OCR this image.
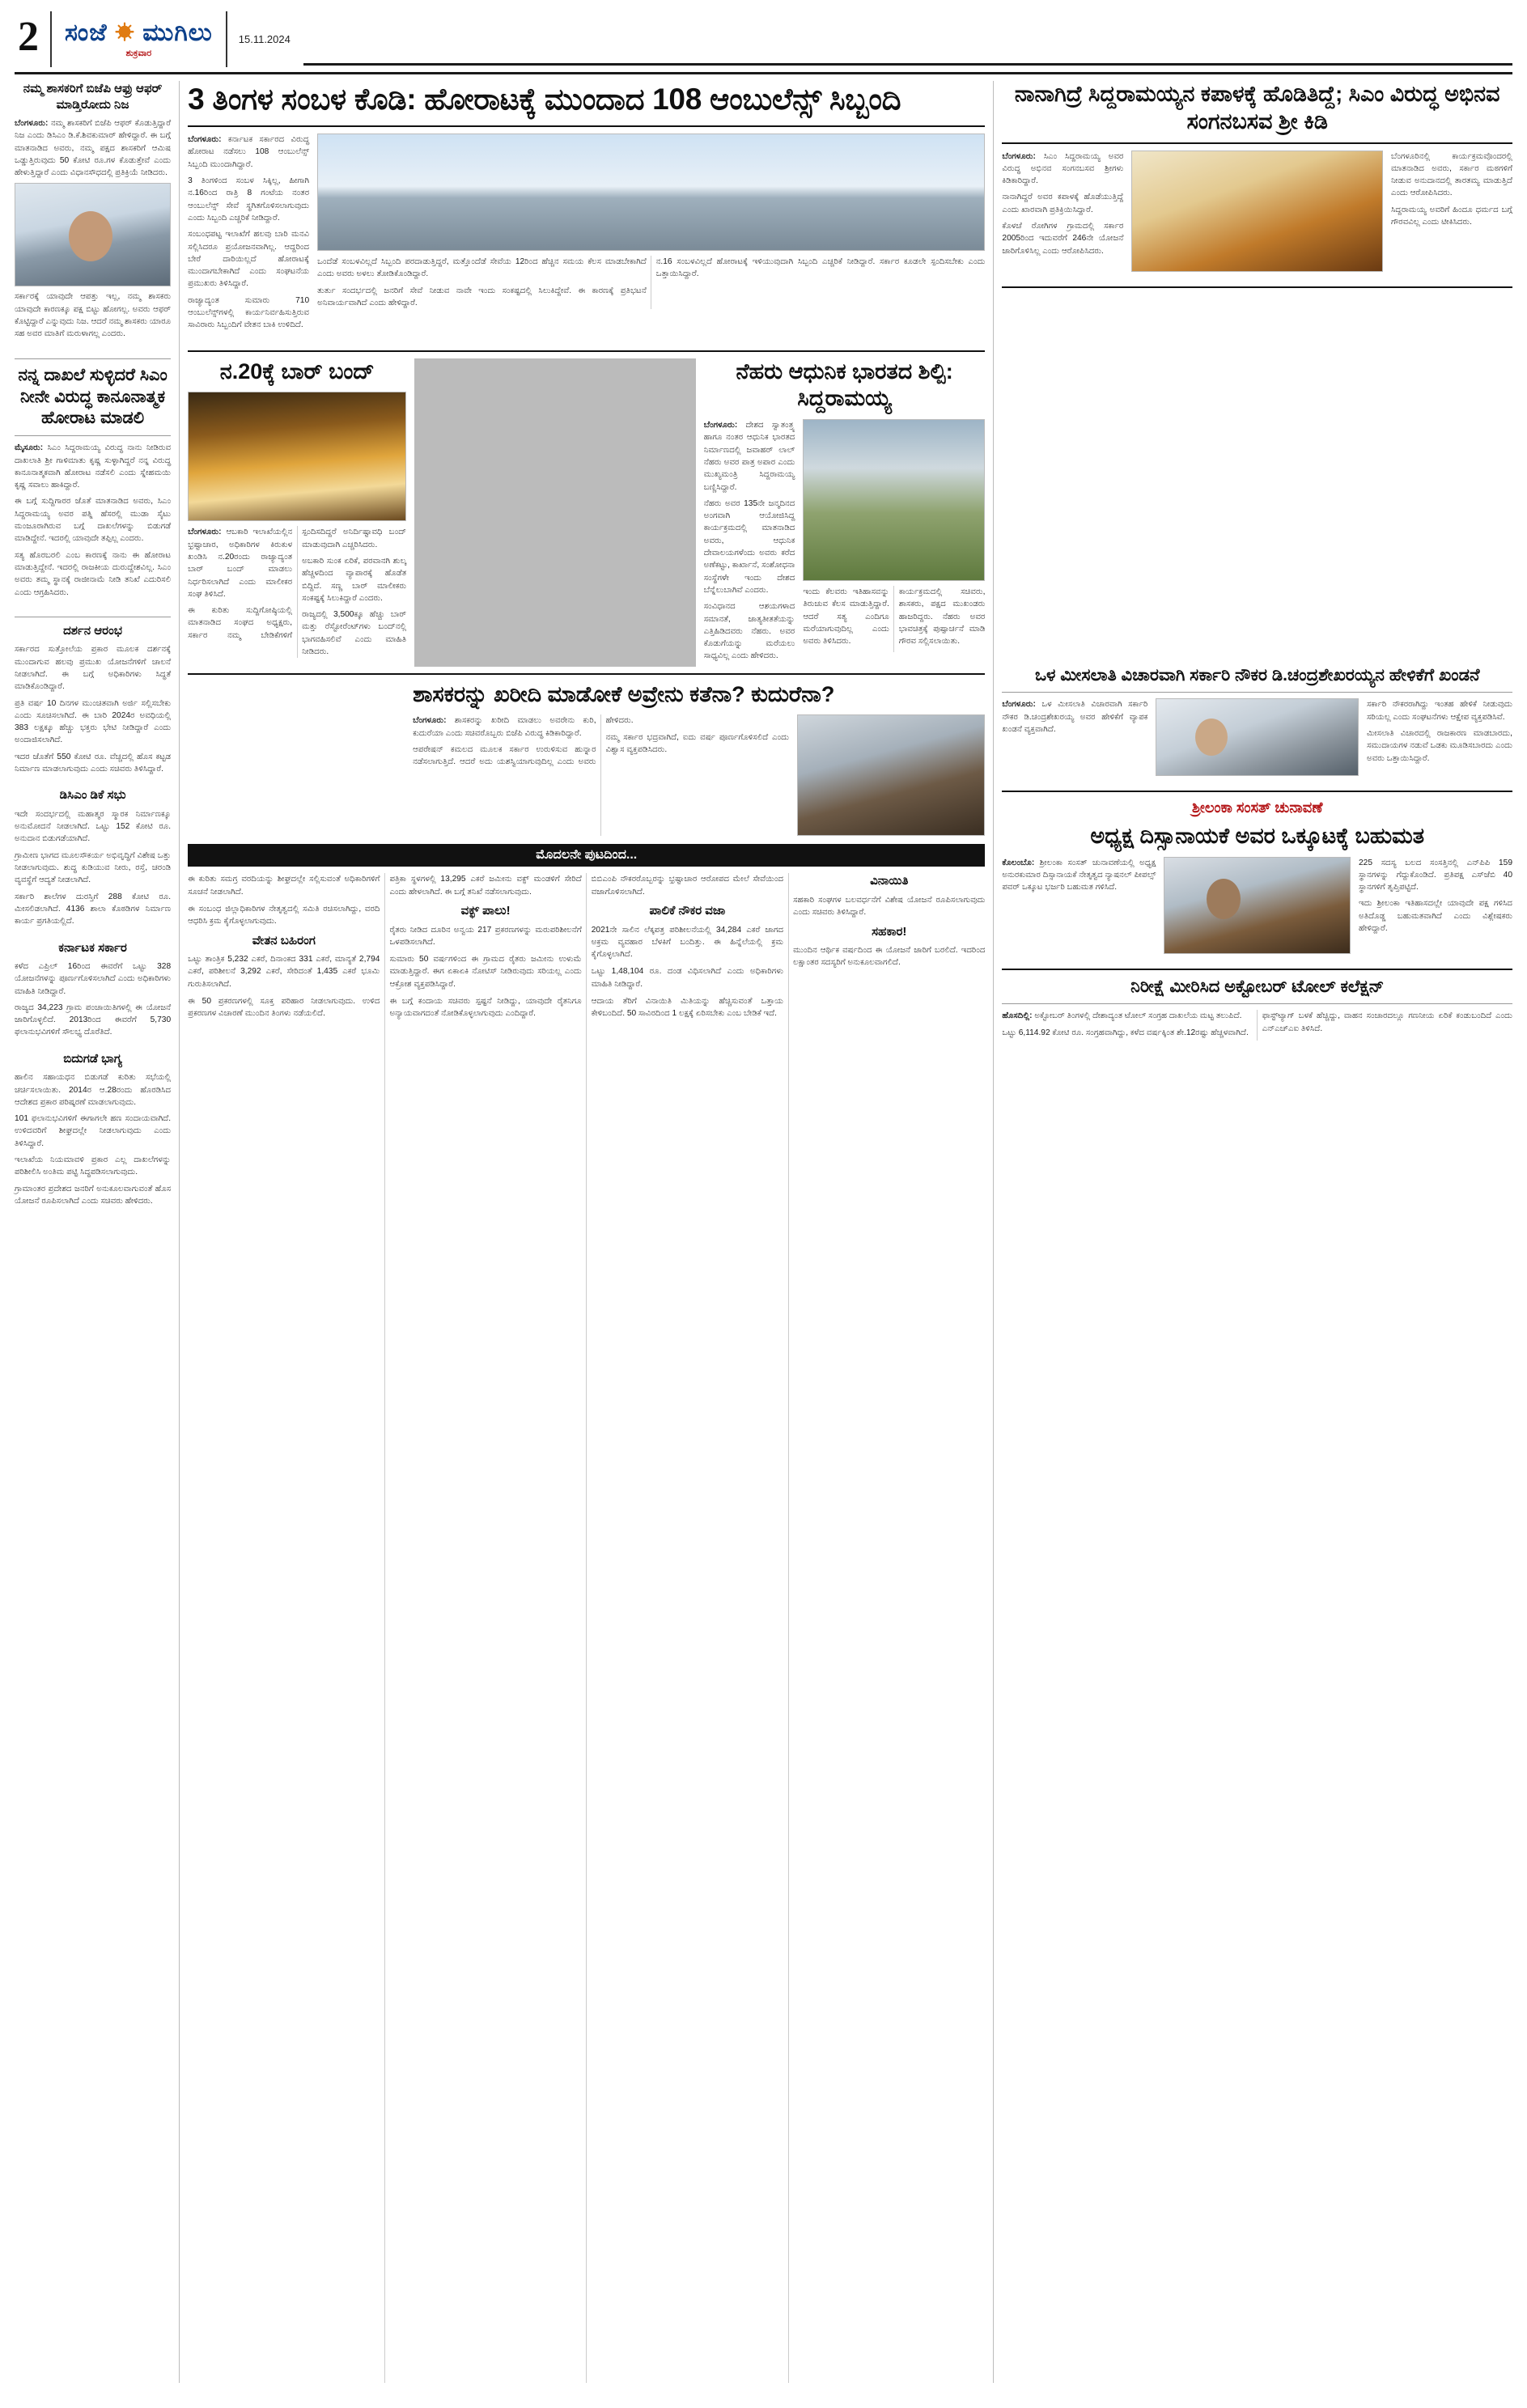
2	ಸಂಜೆ ☀ ಮುಗಿಲು
ಶುಕ್ರವಾರ
15.11.2024
ನಮ್ಮ ಶಾಸಕರಿಗೆ ಬಿಜೆಪಿ ಆಫ್ರು ಆಫರ್ ಮಾಡ್ತಿರೋದು ನಿಜ

ಬೆಂಗಳೂರು: ನಮ್ಮ ಶಾಸಕರಿಗೆ ಬಿಜೆಪಿ ಆಫರ್ ಕೊಡುತ್ತಿದ್ದಾರೆ ನಿಜ ಎಂದು ಡಿಸಿಎಂ ಡಿ.ಕೆ.ಶಿವಕುಮಾರ್ ಹೇಳಿದ್ದಾರೆ. ಈ ಬಗ್ಗೆ ಮಾತನಾಡಿದ ಅವರು, ನಮ್ಮ ಪಕ್ಷದ ಶಾಸಕರಿಗೆ ಆಮಿಷ ಒಡ್ಡುತ್ತಿರುವುದು 50 ಕೋಟಿ ರೂ.ಗಳ ಕೊಡುತ್ತೇವೆ ಎಂದು ಹೇಳುತ್ತಿದ್ದಾರೆ ಎಂದು ವಿಧಾನಸೌಧದಲ್ಲಿ ಪ್ರತಿಕ್ರಿಯೆ ನೀಡಿದರು.

ಸರ್ಕಾರಕ್ಕೆ ಯಾವುದೇ ಆಪತ್ತು ಇಲ್ಲ, ನಮ್ಮ ಶಾಸಕರು ಯಾವುದೇ ಕಾರಣಕ್ಕೂ ಪಕ್ಷ ಬಿಟ್ಟು ಹೋಗಲ್ಲ. ಅವರು ಆಫರ್ ಕೊಟ್ಟಿದ್ದಾರೆ ಎನ್ನುವುದು ನಿಜ. ಆದರೆ ನಮ್ಮ ಶಾಸಕರು ಯಾರೂ ಸಹ ಅವರ ಮಾತಿಗೆ ಮರುಳಾಗಲ್ಲ ಎಂದರು.

ನನ್ನ ದಾಖಲೆ ಸುಳ್ಳಿದರೆ ಸಿಎಂ ನೀನೇ ವಿರುದ್ಧ ಕಾನೂನಾತ್ಮಕ ಹೋರಾಟ ಮಾಡಲಿ

ಮೈಸೂರು: ಸಿಎಂ ಸಿದ್ದರಾಮಯ್ಯ ವಿರುದ್ಧ ನಾನು ನೀಡಿರುವ ದಾಖಲಾತಿ ಶ್ರೀ ಗಾಳಿಮಾತು ಕೃಷ್ಣ ಸುಳ್ಳಾಗಿದ್ದರೆ ನನ್ನ ವಿರುದ್ಧ ಕಾನೂನಾತ್ಮಕವಾಗಿ ಹೋರಾಟ ನಡೆಸಲಿ ಎಂದು ಸ್ನೇಹಮಯಿ ಕೃಷ್ಣ ಸವಾಲು ಹಾಕಿದ್ದಾರೆ.

ಈ ಬಗ್ಗೆ ಸುದ್ದಿಗಾರರ ಜೊತೆ ಮಾತನಾಡಿದ ಅವರು, ಸಿಎಂ ಸಿದ್ದರಾಮಯ್ಯ ಅವರ ಪತ್ನಿ ಹೆಸರಲ್ಲಿ ಮುಡಾ ಸೈಟು ಮಂಜೂರಾಗಿರುವ ಬಗ್ಗೆ ದಾಖಲೆಗಳನ್ನು ಬಿಡುಗಡೆ ಮಾಡಿದ್ದೇನೆ. ಇದರಲ್ಲಿ ಯಾವುದೇ ತಪ್ಪಿಲ್ಲ ಎಂದರು.

ಸತ್ಯ ಹೊರಬರಲಿ ಎಂಬ ಕಾರಣಕ್ಕೆ ನಾನು ಈ ಹೋರಾಟ ಮಾಡುತ್ತಿದ್ದೇನೆ. ಇದರಲ್ಲಿ ರಾಜಕೀಯ ದುರುದ್ದೇಶವಿಲ್ಲ. ಸಿಎಂ ಅವರು ತಮ್ಮ ಸ್ಥಾನಕ್ಕೆ ರಾಜೀನಾಮೆ ನೀಡಿ ತನಿಖೆ ಎದುರಿಸಲಿ ಎಂದು ಆಗ್ರಹಿಸಿದರು.

ದರ್ಶನ ಆರಂಭ

ಸರ್ಕಾರದ ಸುತ್ತೋಲೆಯ ಪ್ರಕಾರ ಮೂಲಕ ದರ್ಶನಕ್ಕೆ ಮುಂದಾಗುವ ಹಲವು ಪ್ರಮುಖ ಯೋಜನೆಗಳಿಗೆ ಚಾಲನೆ ನೀಡಲಾಗಿದೆ. ಈ ಬಗ್ಗೆ ಅಧಿಕಾರಿಗಳು ಸಿದ್ಧತೆ ಮಾಡಿಕೊಂಡಿದ್ದಾರೆ.

ಪ್ರತಿ ವರ್ಷ 10 ದಿನಗಳ ಮುಂಚಿತವಾಗಿ ಅರ್ಜಿ ಸಲ್ಲಿಸಬೇಕು ಎಂದು ಸೂಚಿಸಲಾಗಿದೆ. ಈ ಬಾರಿ 2024ರ ಅವಧಿಯಲ್ಲಿ 383 ಲಕ್ಷಕ್ಕೂ ಹೆಚ್ಚು ಭಕ್ತರು ಭೇಟಿ ನೀಡಿದ್ದಾರೆ ಎಂದು ಅಂದಾಜಿಸಲಾಗಿದೆ.

ಇದರ ಜೊತೆಗೆ 550 ಕೋಟಿ ರೂ. ವೆಚ್ಚದಲ್ಲಿ ಹೊಸ ಕಟ್ಟಡ ನಿರ್ಮಾಣ ಮಾಡಲಾಗುವುದು ಎಂದು ಸಚಿವರು ತಿಳಿಸಿದ್ದಾರೆ.

ಡಿಸಿಎಂ ಡಿಕೆ ಸಭು

ಇದೇ ಸಂದರ್ಭದಲ್ಲಿ ಮಹಾತ್ಮರ ಸ್ಮಾರಕ ನಿರ್ಮಾಣಕ್ಕೂ ಅನುಮೋದನೆ ನೀಡಲಾಗಿದೆ. ಒಟ್ಟು 152 ಕೋಟಿ ರೂ. ಅನುದಾನ ಬಿಡುಗಡೆಯಾಗಿದೆ.

ಗ್ರಾಮೀಣ ಭಾಗದ ಮೂಲಸೌಕರ್ಯ ಅಭಿವೃದ್ಧಿಗೆ ವಿಶೇಷ ಒತ್ತು ನೀಡಲಾಗುವುದು. ಶುದ್ಧ ಕುಡಿಯುವ ನೀರು, ರಸ್ತೆ, ಚರಂಡಿ ವ್ಯವಸ್ಥೆಗೆ ಆದ್ಯತೆ ನೀಡಲಾಗಿದೆ.

ಸರ್ಕಾರಿ ಶಾಲೆಗಳ ದುರಸ್ತಿಗೆ 288 ಕೋಟಿ ರೂ. ಮೀಸಲಿಡಲಾಗಿದೆ. 4136 ಶಾಲಾ ಕೊಠಡಿಗಳ ನಿರ್ಮಾಣ ಕಾರ್ಯ ಪ್ರಗತಿಯಲ್ಲಿದೆ.

ಕರ್ನಾಟಕ ಸರ್ಕಾರ

ಕಳೆದ ಎಪ್ರಿಲ್ 16ರಿಂದ ಈವರೆಗೆ ಒಟ್ಟು 328 ಯೋಜನೆಗಳನ್ನು ಪೂರ್ಣಗೊಳಿಸಲಾಗಿದೆ ಎಂದು ಅಧಿಕಾರಿಗಳು ಮಾಹಿತಿ ನೀಡಿದ್ದಾರೆ.

ರಾಜ್ಯದ 34,223 ಗ್ರಾಮ ಪಂಚಾಯಿತಿಗಳಲ್ಲಿ ಈ ಯೋಜನೆ ಜಾರಿಗೊಳ್ಳಲಿದೆ. 2013ರಿಂದ ಈವರೆಗೆ 5,730 ಫಲಾನುಭವಿಗಳಿಗೆ ಸೌಲಭ್ಯ ದೊರೆತಿದೆ.

ಬಿದುಗಡೆ ಭಾಗ್ಯ

ಹಾಲಿನ ಸಹಾಯಧನ ಬಿಡುಗಡೆ ಕುರಿತು ಸಭೆಯಲ್ಲಿ ಚರ್ಚಿಸಲಾಯಿತು. 2014ರ ಆ.28ರಂದು ಹೊರಡಿಸಿದ ಆದೇಶದ ಪ್ರಕಾರ ಪರಿಷ್ಕರಣೆ ಮಾಡಲಾಗುವುದು.

101 ಫಲಾನುಭವಿಗಳಿಗೆ ಈಗಾಗಲೇ ಹಣ ಸಂದಾಯವಾಗಿದೆ. ಉಳಿದವರಿಗೆ ಶೀಘ್ರದಲ್ಲೇ ನೀಡಲಾಗುವುದು ಎಂದು ತಿಳಿಸಿದ್ದಾರೆ.

ಇಲಾಖೆಯ ನಿಯಮಾವಳಿ ಪ್ರಕಾರ ಎಲ್ಲ ದಾಖಲೆಗಳನ್ನು ಪರಿಶೀಲಿಸಿ ಅಂತಿಮ ಪಟ್ಟಿ ಸಿದ್ಧಪಡಿಸಲಾಗುವುದು.

ಗ್ರಾಮಾಂತರ ಪ್ರದೇಶದ ಜನರಿಗೆ ಅನುಕೂಲವಾಗುವಂತೆ ಹೊಸ ಯೋಜನೆ ರೂಪಿಸಲಾಗಿದೆ ಎಂದು ಸಚಿವರು ಹೇಳಿದರು.

3 ತಿಂಗಳ ಸಂಬಳ ಕೊಡಿ: ಹೋರಾಟಕ್ಕೆ ಮುಂದಾದ 108 ಆಂಬುಲೆನ್ಸ್ ಸಿಬ್ಬಂದಿ

ಬೆಂಗಳೂರು: ಕರ್ನಾಟಕ ಸರ್ಕಾರದ ವಿರುದ್ಧ ಹೋರಾಟ ನಡೆಸಲು 108 ಆಂಬುಲೆನ್ಸ್ ಸಿಬ್ಬಂದಿ ಮುಂದಾಗಿದ್ದಾರೆ.

3 ತಿಂಗಳಿಂದ ಸಂಬಳ ಸಿಕ್ಕಿಲ್ಲ, ಹೀಗಾಗಿ ನ.16ರಿಂದ ರಾತ್ರಿ 8 ಗಂಟೆಯ ನಂತರ ಆಂಬುಲೆನ್ಸ್ ಸೇವೆ ಸ್ಥಗಿತಗೊಳಿಸಲಾಗುವುದು ಎಂದು ಸಿಬ್ಬಂದಿ ಎಚ್ಚರಿಕೆ ನೀಡಿದ್ದಾರೆ.

ಸಂಬಂಧಪಟ್ಟ ಇಲಾಖೆಗೆ ಹಲವು ಬಾರಿ ಮನವಿ ಸಲ್ಲಿಸಿದರೂ ಪ್ರಯೋಜನವಾಗಿಲ್ಲ. ಆದ್ದರಿಂದ ಬೇರೆ ದಾರಿಯಿಲ್ಲದೆ ಹೋರಾಟಕ್ಕೆ ಮುಂದಾಗಬೇಕಾಗಿದೆ ಎಂದು ಸಂಘಟನೆಯ ಪ್ರಮುಖರು ತಿಳಿಸಿದ್ದಾರೆ.

ರಾಜ್ಯಾದ್ಯಂತ ಸುಮಾರು 710 ಆಂಬುಲೆನ್ಸ್‌ಗಳಲ್ಲಿ ಕಾರ್ಯನಿರ್ವಹಿಸುತ್ತಿರುವ ಸಾವಿರಾರು ಸಿಬ್ಬಂದಿಗೆ ವೇತನ ಬಾಕಿ ಉಳಿದಿದೆ.

ಒಂದೆಡೆ ಸಂಬಳವಿಲ್ಲದೆ ಸಿಬ್ಬಂದಿ ಪರದಾಡುತ್ತಿದ್ದರೆ, ಮತ್ತೊಂದೆಡೆ ಸೇವೆಯ 12ರಿಂದ ಹೆಚ್ಚಿನ ಸಮಯ ಕೆಲಸ ಮಾಡಬೇಕಾಗಿದೆ ಎಂದು ಅವರು ಅಳಲು ತೋಡಿಕೊಂಡಿದ್ದಾರೆ.

ತುರ್ತು ಸಂದರ್ಭದಲ್ಲಿ ಜನರಿಗೆ ಸೇವೆ ನೀಡುವ ನಾವೇ ಇಂದು ಸಂಕಷ್ಟದಲ್ಲಿ ಸಿಲುಕಿದ್ದೇವೆ. ಈ ಕಾರಣಕ್ಕೆ ಪ್ರತಿಭಟನೆ ಅನಿವಾರ್ಯವಾಗಿದೆ ಎಂದು ಹೇಳಿದ್ದಾರೆ.

ನ.16 ಸಂಬಳವಿಲ್ಲದೆ ಹೋರಾಟಕ್ಕೆ ಇಳಿಯುವುದಾಗಿ ಸಿಬ್ಬಂದಿ ಎಚ್ಚರಿಕೆ ನೀಡಿದ್ದಾರೆ. ಸರ್ಕಾರ ಕೂಡಲೇ ಸ್ಪಂದಿಸಬೇಕು ಎಂದು ಒತ್ತಾಯಿಸಿದ್ದಾರೆ.

ನ.20ಕ್ಕೆ ಬಾರ್ ಬಂದ್

ಬೆಂಗಳೂರು: ಆಬಕಾರಿ ಇಲಾಖೆಯಲ್ಲಿನ ಭ್ರಷ್ಟಾಚಾರ, ಅಧಿಕಾರಿಗಳ ಕಿರುಕುಳ ಖಂಡಿಸಿ ನ.20ರಂದು ರಾಜ್ಯಾದ್ಯಂತ ಬಾರ್ ಬಂದ್ ಮಾಡಲು ನಿರ್ಧರಿಸಲಾಗಿದೆ ಎಂದು ಮಾಲೀಕರ ಸಂಘ ತಿಳಿಸಿದೆ.

ಈ ಕುರಿತು ಸುದ್ದಿಗೋಷ್ಠಿಯಲ್ಲಿ ಮಾತನಾಡಿದ ಸಂಘದ ಅಧ್ಯಕ್ಷರು, ಸರ್ಕಾರ ನಮ್ಮ ಬೇಡಿಕೆಗಳಿಗೆ ಸ್ಪಂದಿಸದಿದ್ದರೆ ಅನಿರ್ದಿಷ್ಟಾವಧಿ ಬಂದ್ ಮಾಡುವುದಾಗಿ ಎಚ್ಚರಿಸಿದರು.

ಅಬಕಾರಿ ಸುಂಕ ಏರಿಕೆ, ಪರವಾನಗಿ ಶುಲ್ಕ ಹೆಚ್ಚಳದಿಂದ ವ್ಯಾಪಾರಕ್ಕೆ ಹೊಡೆತ ಬಿದ್ದಿದೆ. ಸಣ್ಣ ಬಾರ್ ಮಾಲೀಕರು ಸಂಕಷ್ಟಕ್ಕೆ ಸಿಲುಕಿದ್ದಾರೆ ಎಂದರು.

ರಾಜ್ಯದಲ್ಲಿ 3,500ಕ್ಕೂ ಹೆಚ್ಚು ಬಾರ್ ಮತ್ತು ರೆಸ್ಟೋರೆಂಟ್‌ಗಳು ಬಂದ್‌ನಲ್ಲಿ ಭಾಗವಹಿಸಲಿವೆ ಎಂದು ಮಾಹಿತಿ ನೀಡಿದರು.

ನೆಹರು ಆಧುನಿಕ ಭಾರತದ ಶಿಲ್ಪಿ: ಸಿದ್ದರಾಮಯ್ಯ

ಬೆಂಗಳೂರು: ದೇಶದ ಸ್ವಾತಂತ್ರ್ಯ ಹಾಗೂ ನಂತರ ಆಧುನಿಕ ಭಾರತದ ನಿರ್ಮಾಣದಲ್ಲಿ ಜವಾಹರ್ ಲಾಲ್ ನೆಹರು ಅವರ ಪಾತ್ರ ಅಪಾರ ಎಂದು ಮುಖ್ಯಮಂತ್ರಿ ಸಿದ್ದರಾಮಯ್ಯ ಬಣ್ಣಿಸಿದ್ದಾರೆ.

ನೆಹರು ಅವರ 135ನೇ ಜನ್ಮದಿನದ ಅಂಗವಾಗಿ ಆಯೋಜಿಸಿದ್ದ ಕಾರ್ಯಕ್ರಮದಲ್ಲಿ ಮಾತನಾಡಿದ ಅವರು, ಆಧುನಿಕ ದೇವಾಲಯಗಳೆಂದು ಅವರು ಕರೆದ ಅಣೆಕಟ್ಟು, ಕಾರ್ಖಾನೆ, ಸಂಶೋಧನಾ ಸಂಸ್ಥೆಗಳೇ ಇಂದು ದೇಶದ ಬೆನ್ನೆಲುಬಾಗಿವೆ ಎಂದರು.

ಸಂವಿಧಾನದ ಆಶಯಗಳಾದ ಸಮಾನತೆ, ಜಾತ್ಯತೀತತೆಯನ್ನು ಎತ್ತಿಹಿಡಿದವರು ನೆಹರು. ಅವರ ಕೊಡುಗೆಯನ್ನು ಮರೆಯಲು ಸಾಧ್ಯವಿಲ್ಲ ಎಂದು ಹೇಳಿದರು.

ಇಂದು ಕೆಲವರು ಇತಿಹಾಸವನ್ನು ತಿರುಚುವ ಕೆಲಸ ಮಾಡುತ್ತಿದ್ದಾರೆ. ಆದರೆ ಸತ್ಯ ಎಂದಿಗೂ ಮರೆಯಾಗುವುದಿಲ್ಲ ಎಂದು ಅವರು ತಿಳಿಸಿದರು.

ಕಾರ್ಯಕ್ರಮದಲ್ಲಿ ಸಚಿವರು, ಶಾಸಕರು, ಪಕ್ಷದ ಮುಖಂಡರು ಹಾಜರಿದ್ದರು. ನೆಹರು ಅವರ ಭಾವಚಿತ್ರಕ್ಕೆ ಪುಷ್ಪಾರ್ಚನೆ ಮಾಡಿ ಗೌರವ ಸಲ್ಲಿಸಲಾಯಿತು.

ಶಾಸಕರನ್ನು ಖರೀದಿ ಮಾಡೋಕೆ ಅವ್ರೇನು ಕತೆನಾ? ಕುದುರೆನಾ?

ಬೆಂಗಳೂರು: ಶಾಸಕರನ್ನು ಖರೀದಿ ಮಾಡಲು ಅವರೇನು ಕುರಿ, ಕುದುರೆಯಾ ಎಂದು ಸಚಿವರೊಬ್ಬರು ಬಿಜೆಪಿ ವಿರುದ್ಧ ಕಿಡಿಕಾರಿದ್ದಾರೆ.

ಆಪರೇಷನ್ ಕಮಲದ ಮೂಲಕ ಸರ್ಕಾರ ಉರುಳಿಸುವ ಹುನ್ನಾರ ನಡೆಸಲಾಗುತ್ತಿದೆ. ಆದರೆ ಅದು ಯಶಸ್ವಿಯಾಗುವುದಿಲ್ಲ ಎಂದು ಅವರು ಹೇಳಿದರು.

ನಮ್ಮ ಸರ್ಕಾರ ಭದ್ರವಾಗಿದೆ, ಐದು ವರ್ಷ ಪೂರ್ಣಗೊಳಿಸಲಿದೆ ಎಂದು ವಿಶ್ವಾಸ ವ್ಯಕ್ತಪಡಿಸಿದರು.

ಮೊದಲನೇ ಪುಟದಿಂದ...

ಈ ಕುರಿತು ಸಮಗ್ರ ವರದಿಯನ್ನು ಶೀಘ್ರದಲ್ಲೇ ಸಲ್ಲಿಸುವಂತೆ ಅಧಿಕಾರಿಗಳಿಗೆ ಸೂಚನೆ ನೀಡಲಾಗಿದೆ.

ಈ ಸಂಬಂಧ ಜಿಲ್ಲಾಧಿಕಾರಿಗಳ ನೇತೃತ್ವದಲ್ಲಿ ಸಮಿತಿ ರಚಿಸಲಾಗಿದ್ದು, ವರದಿ ಆಧರಿಸಿ ಕ್ರಮ ಕೈಗೊಳ್ಳಲಾಗುವುದು.

ವೇತನ ಬಹಿರಂಗ

ಒಟ್ಟು ತಾಂತ್ರಿಕ 5,232 ಎಕರೆ, ದಿನಾಂಕದ 331 ಎಕರೆ, ಮಾನ್ಯತೆ 2,794 ಎಕರೆ, ಪರಿಶೀಲನೆ 3,292 ಎಕರೆ, ಸೇರಿದಂತೆ 1,435 ಎಕರೆ ಭೂಮಿ ಗುರುತಿಸಲಾಗಿದೆ.

ಈ 50 ಪ್ರಕರಣಗಳಲ್ಲಿ ಸೂಕ್ತ ಪರಿಹಾರ ನೀಡಲಾಗುವುದು. ಉಳಿದ ಪ್ರಕರಣಗಳ ವಿಚಾರಣೆ ಮುಂದಿನ ತಿಂಗಳು ನಡೆಯಲಿದೆ.

ಪತ್ರಿಕಾ ಸ್ಥಳಗಳಲ್ಲಿ 13,295 ಎಕರೆ ಜಮೀನು ವಕ್ಫ್ ಮಂಡಳಿಗೆ ಸೇರಿದೆ ಎಂದು ಹೇಳಲಾಗಿದೆ. ಈ ಬಗ್ಗೆ ತನಿಖೆ ನಡೆಸಲಾಗುವುದು.

ವಕ್ಫ್ ಪಾಲು!

ರೈತರು ನೀಡಿದ ದೂರಿನ ಅನ್ವಯ 217 ಪ್ರಕರಣಗಳನ್ನು ಮರುಪರಿಶೀಲನೆಗೆ ಒಳಪಡಿಸಲಾಗಿದೆ.

ಸುಮಾರು 50 ವರ್ಷಗಳಿಂದ ಈ ಗ್ರಾಮದ ರೈತರು ಜಮೀನು ಉಳುಮೆ ಮಾಡುತ್ತಿದ್ದಾರೆ. ಈಗ ಏಕಾಏಕಿ ನೋಟಿಸ್ ನೀಡಿರುವುದು ಸರಿಯಲ್ಲ ಎಂದು ಆಕ್ರೋಶ ವ್ಯಕ್ತಪಡಿಸಿದ್ದಾರೆ.

ಈ ಬಗ್ಗೆ ಕಂದಾಯ ಸಚಿವರು ಸ್ಪಷ್ಟನೆ ನೀಡಿದ್ದು, ಯಾವುದೇ ರೈತನಿಗೂ ಅನ್ಯಾಯವಾಗದಂತೆ ನೋಡಿಕೊಳ್ಳಲಾಗುವುದು ಎಂದಿದ್ದಾರೆ.

ಬಿಬಿಎಂಪಿ ನೌಕರರೊಬ್ಬರನ್ನು ಭ್ರಷ್ಟಾಚಾರ ಆರೋಪದ ಮೇಲೆ ಸೇವೆಯಿಂದ ವಜಾಗೊಳಿಸಲಾಗಿದೆ.

ಪಾಲಿಕೆ ನೌಕರ ವಜಾ

2021ನೇ ಸಾಲಿನ ಲೆಕ್ಕಪತ್ರ ಪರಿಶೀಲನೆಯಲ್ಲಿ 34,284 ಎಕರೆ ಜಾಗದ ಅಕ್ರಮ ವ್ಯವಹಾರ ಬೆಳಕಿಗೆ ಬಂದಿತ್ತು. ಈ ಹಿನ್ನೆಲೆಯಲ್ಲಿ ಕ್ರಮ ಕೈಗೊಳ್ಳಲಾಗಿದೆ.

ಒಟ್ಟು 1,48,104 ರೂ. ದಂಡ ವಿಧಿಸಲಾಗಿದೆ ಎಂದು ಅಧಿಕಾರಿಗಳು ಮಾಹಿತಿ ನೀಡಿದ್ದಾರೆ.

ಆದಾಯ ತೆರಿಗೆ ವಿನಾಯಿತಿ ಮಿತಿಯನ್ನು ಹೆಚ್ಚಿಸುವಂತೆ ಒತ್ತಾಯ ಕೇಳಿಬಂದಿದೆ. 50 ಸಾವಿರದಿಂದ 1 ಲಕ್ಷಕ್ಕೆ ಏರಿಸಬೇಕು ಎಂಬ ಬೇಡಿಕೆ ಇದೆ.

ವಿನಾಯಿತಿ

ಸಹಕಾರಿ ಸಂಘಗಳ ಬಲವರ್ಧನೆಗೆ ವಿಶೇಷ ಯೋಜನೆ ರೂಪಿಸಲಾಗುವುದು ಎಂದು ಸಚಿವರು ತಿಳಿಸಿದ್ದಾರೆ.

ಸಹಕಾರ!

ಮುಂದಿನ ಆರ್ಥಿಕ ವರ್ಷದಿಂದ ಈ ಯೋಜನೆ ಜಾರಿಗೆ ಬರಲಿದೆ. ಇದರಿಂದ ಲಕ್ಷಾಂತರ ಸದಸ್ಯರಿಗೆ ಅನುಕೂಲವಾಗಲಿದೆ.

ನಾನಾಗಿದ್ರೆ ಸಿದ್ದರಾಮಯ್ಯನ ಕಪಾಳಕ್ಕೆ ಹೊಡಿತಿದ್ದೆ; ಸಿಎಂ ವಿರುದ್ಧ ಅಭಿನವ ಸಂಗನಬಸವ ಶ್ರೀ ಕಿಡಿ

ಬೆಂಗಳೂರು: ಸಿಎಂ ಸಿದ್ದರಾಮಯ್ಯ ಅವರ ವಿರುದ್ಧ ಅಭಿನವ ಸಂಗನಬಸವ ಶ್ರೀಗಳು ಕಿಡಿಕಾರಿದ್ದಾರೆ.

ನಾನಾಗಿದ್ದರೆ ಅವರ ಕಪಾಳಕ್ಕೆ ಹೊಡೆಯುತ್ತಿದ್ದೆ ಎಂದು ಖಾರವಾಗಿ ಪ್ರತಿಕ್ರಿಯಿಸಿದ್ದಾರೆ.

ಕೊಳಚೆ ರೋಗಿಗಳ ಗ್ರಾಮದಲ್ಲಿ ಸರ್ಕಾರ 2005ರಿಂದ ಇದುವರೆಗೆ 246ನೇ ಯೋಜನೆ ಜಾರಿಗೊಳಿಸಿಲ್ಲ ಎಂದು ಆರೋಪಿಸಿದರು.

ಬೆಂಗಳೂರಿನಲ್ಲಿ ಕಾರ್ಯಕ್ರಮವೊಂದರಲ್ಲಿ ಮಾತನಾಡಿದ ಅವರು, ಸರ್ಕಾರ ಮಠಗಳಿಗೆ ನೀಡುವ ಅನುದಾನದಲ್ಲಿ ತಾರತಮ್ಯ ಮಾಡುತ್ತಿದೆ ಎಂದು ಆರೋಪಿಸಿದರು.

ಸಿದ್ದರಾಮಯ್ಯ ಅವರಿಗೆ ಹಿಂದೂ ಧರ್ಮದ ಬಗ್ಗೆ ಗೌರವವಿಲ್ಲ ಎಂದು ಟೀಕಿಸಿದರು.

ಒಳ ಮೀಸಲಾತಿ ವಿಚಾರವಾಗಿ ಸರ್ಕಾರಿ ನೌಕರ ಡಿ.ಚಂದ್ರಶೇಖರಯ್ಯನ ಹೇಳಿಕೆಗೆ ಖಂಡನೆ

ಬೆಂಗಳೂರು: ಒಳ ಮೀಸಲಾತಿ ವಿಚಾರವಾಗಿ ಸರ್ಕಾರಿ ನೌಕರ ಡಿ.ಚಂದ್ರಶೇಖರಯ್ಯ ಅವರ ಹೇಳಿಕೆಗೆ ವ್ಯಾಪಕ ಖಂಡನೆ ವ್ಯಕ್ತವಾಗಿದೆ.

ಸರ್ಕಾರಿ ನೌಕರರಾಗಿದ್ದು ಇಂತಹ ಹೇಳಿಕೆ ನೀಡುವುದು ಸರಿಯಲ್ಲ ಎಂದು ಸಂಘಟನೆಗಳು ಆಕ್ಷೇಪ ವ್ಯಕ್ತಪಡಿಸಿವೆ.

ಮೀಸಲಾತಿ ವಿಚಾರದಲ್ಲಿ ರಾಜಕಾರಣ ಮಾಡಬಾರದು, ಸಮುದಾಯಗಳ ನಡುವೆ ಒಡಕು ಮೂಡಿಸಬಾರದು ಎಂದು ಅವರು ಒತ್ತಾಯಿಸಿದ್ದಾರೆ.

ಶ್ರೀಲಂಕಾ ಸಂಸತ್ ಚುನಾವಣೆ
ಅಧ್ಯಕ್ಷ ದಿಸ್ಸಾನಾಯಕೆ ಅವರ ಒಕ್ಕೂಟಕ್ಕೆ ಬಹುಮತ

ಕೊಲಂಬೊ: ಶ್ರೀಲಂಕಾ ಸಂಸತ್ ಚುನಾವಣೆಯಲ್ಲಿ ಅಧ್ಯಕ್ಷ ಅನುರಕುಮಾರ ದಿಸ್ಸಾನಾಯಕೆ ನೇತೃತ್ವದ ನ್ಯಾಷನಲ್ ಪೀಪಲ್ಸ್ ಪವರ್ ಒಕ್ಕೂಟ ಭರ್ಜರಿ ಬಹುಮತ ಗಳಿಸಿದೆ.

225 ಸದಸ್ಯ ಬಲದ ಸಂಸತ್ತಿನಲ್ಲಿ ಎನ್‌ಪಿಪಿ 159 ಸ್ಥಾನಗಳನ್ನು ಗೆದ್ದುಕೊಂಡಿದೆ. ಪ್ರತಿಪಕ್ಷ ಎಸ್‌ಜೆಬಿ 40 ಸ್ಥಾನಗಳಿಗೆ ತೃಪ್ತಿಪಟ್ಟಿದೆ.

ಇದು ಶ್ರೀಲಂಕಾ ಇತಿಹಾಸದಲ್ಲೇ ಯಾವುದೇ ಪಕ್ಷ ಗಳಿಸಿದ ಅತಿದೊಡ್ಡ ಬಹುಮತವಾಗಿದೆ ಎಂದು ವಿಶ್ಲೇಷಕರು ಹೇಳಿದ್ದಾರೆ.

ನಿರೀಕ್ಷೆ ಮೀರಿಸಿದ ಅಕ್ಟೋಬರ್ ಟೋಲ್ ಕಲೆಕ್ಷನ್

ಹೊಸದಿಲ್ಲಿ: ಅಕ್ಟೋಬರ್ ತಿಂಗಳಲ್ಲಿ ದೇಶಾದ್ಯಂತ ಟೋಲ್ ಸಂಗ್ರಹ ದಾಖಲೆಯ ಮಟ್ಟ ತಲುಪಿದೆ.

ಒಟ್ಟು 6,114.92 ಕೋಟಿ ರೂ. ಸಂಗ್ರಹವಾಗಿದ್ದು, ಕಳೆದ ವರ್ಷಕ್ಕಿಂತ ಶೇ.12ರಷ್ಟು ಹೆಚ್ಚಳವಾಗಿದೆ.

ಫಾಸ್ಟ್‌ಟ್ಯಾಗ್ ಬಳಕೆ ಹೆಚ್ಚಿದ್ದು, ವಾಹನ ಸಂಚಾರದಲ್ಲೂ ಗಣನೀಯ ಏರಿಕೆ ಕಂಡುಬಂದಿದೆ ಎಂದು ಎನ್‌ಎಚ್‌ಎಐ ತಿಳಿಸಿದೆ.
